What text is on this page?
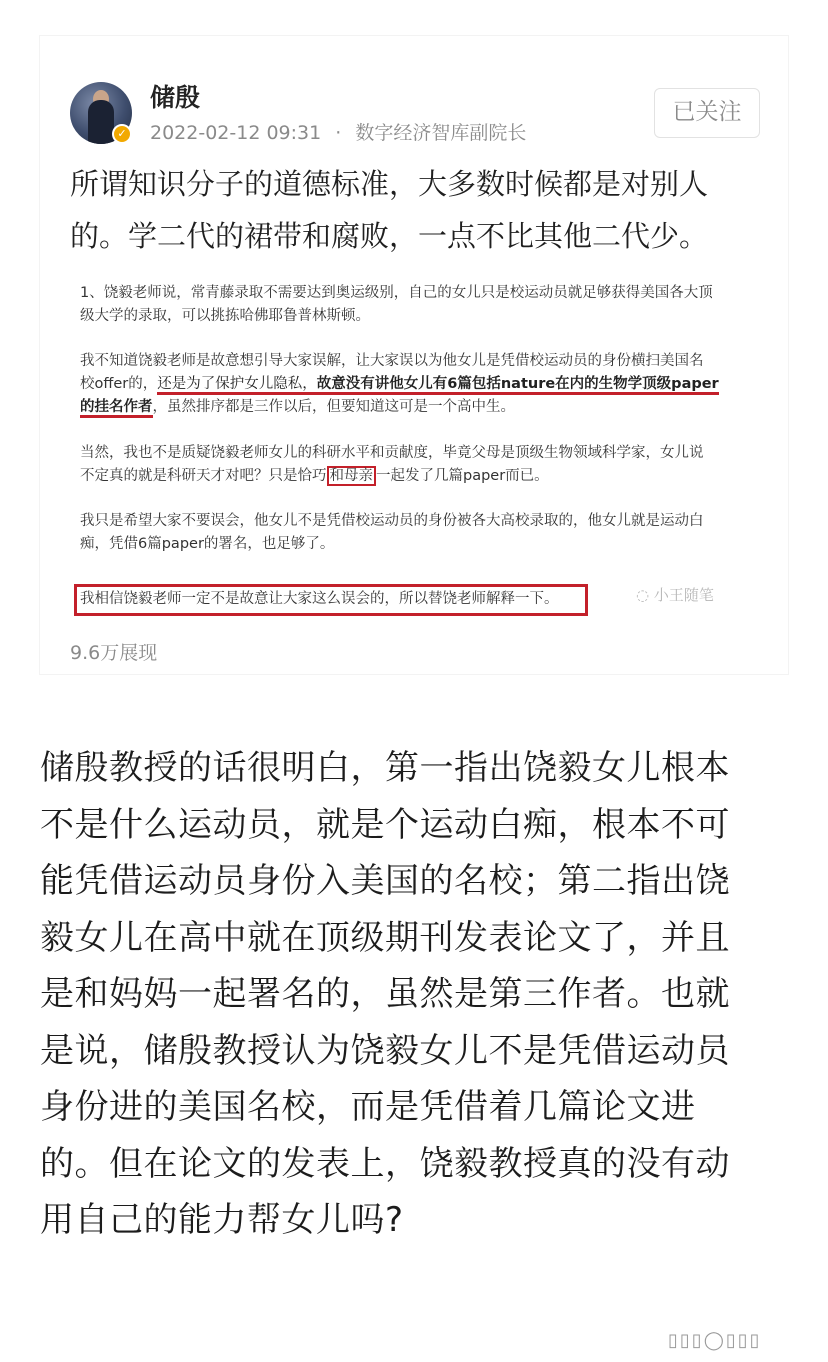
✓
储殷
2022-02-12 09:31 · 数字经济智库副院长
已关注
所谓知识分子的道德标准，大多数时候都是对别人
的。学二代的裙带和腐败，一点不比其他二代少。
1、饶毅老师说，常青藤录取不需要达到奥运级别，自己的女儿只是校运动员就足够获得美国各大顶
级大学的录取，可以挑拣哈佛耶鲁普林斯顿。
我不知道饶毅老师是故意想引导大家误解，让大家误以为他女儿是凭借校运动员的身份横扫美国名
校offer的，还是为了保护女儿隐私，故意没有讲他女儿有6篇包括nature在内的生物学顶级paper
的挂名作者，虽然排序都是三作以后，但要知道这可是一个高中生。
当然，我也不是质疑饶毅老师女儿的科研水平和贡献度，毕竟父母是顶级生物领域科学家，女儿说
不定真的就是科研天才对吧？只是恰巧 和母亲 一起发了几篇paper而已。
我只是希望大家不要误会，他女儿不是凭借校运动员的身份被各大高校录取的，他女儿就是运动白
痴，凭借6篇paper的署名，也足够了。
我相信饶毅老师一定不是故意让大家这么误会的，所以替饶老师解释一下。	◌ 小王随笔
9.6万展现
储殷教授的话很明白，第一指出饶毅女儿根本
不是什么运动员，就是个运动白痴，根本不可
能凭借运动员身份入美国的名校；第二指出饶
毅女儿在高中就在顶级期刊发表论文了，并且
是和妈妈一起署名的，虽然是第三作者。也就
是说，储殷教授认为饶毅女儿不是凭借运动员
身份进的美国名校，而是凭借着几篇论文进
的。但在论文的发表上，饶毅教授真的没有动
用自己的能力帮女儿吗?
▯▯▯◯▯▯▯
